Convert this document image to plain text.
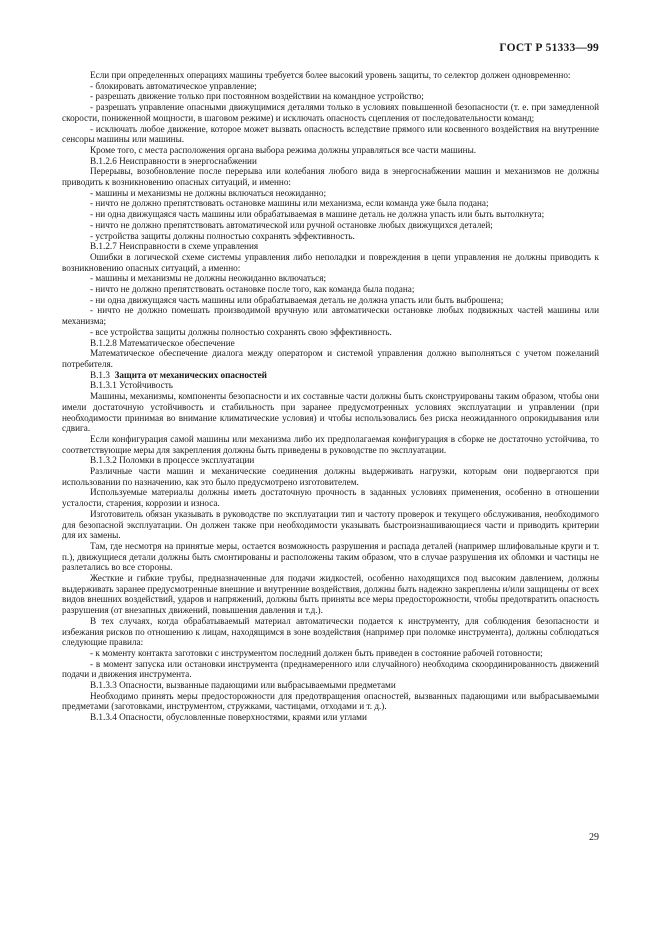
ГОСТ Р 51333—99

Если при определенных операциях машины требуется более высокий уровень защиты, то селектор должен одновременно:

- блокировать автоматическое управление;

- разрешать движение только при постоянном воздействии на командное устройство;

- разрешать управление опасными движущимися деталями только в условиях повышенной безопасности (т. е. при замедленной скорости, пониженной мощности, в шаговом режиме) и исключать опасность сцепления от последовательности команд;

- исключать любое движение, которое может вызвать опасность вследствие прямого или косвенного воздействия на внутренние сенсоры машины или машины.

Кроме того, с места расположения органа выбора режима должны управляться все части машины.

В.1.2.6 Неисправности в энергоснабжении

Перерывы, возобновление после перерыва или колебания любого вида в энергоснабжении машин и механизмов не должны приводить к возникновению опасных ситуаций, и именно:

- машины и механизмы не должны включаться неожиданно;

- ничто не должно препятствовать остановке машины или механизма, если команда уже была подана;

- ни одна движущаяся часть машины или обрабатываемая в машине деталь не должна упасть или быть вытолкнута;

- ничто не должно препятствовать автоматической или ручной остановке любых движущихся деталей;

- устройства защиты должны полностью сохранять эффективность.

В.1.2.7 Неисправности в схеме управления

Ошибки в логической схеме системы управления либо неполадки и повреждения в цепи управления не должны приводить к возникновению опасных ситуаций, а именно:

- машины и механизмы не должны неожиданно включаться;

- ничто не должно препятствовать остановке после того, как команда была подана;

- ни одна движущаяся часть машины или обрабатываемая деталь не должна упасть или быть выброшена;

- ничто не должно помешать производимой вручную или автоматически остановке любых подвижных частей машины или механизма;

- все устройства защиты должны полностью сохранять свою эффективность.

В.1.2.8 Математическое обеспечение

Математическое обеспечение диалога между оператором и системой управления должно выполняться с учетом пожеланий потребителя.

В.1.3 Защита от механических опасностей

В.1.3.1 Устойчивость

Машины, механизмы, компоненты безопасности и их составные части должны быть сконструированы таким образом, чтобы они имели достаточную устойчивость и стабильность при заранее предусмотренных условиях эксплуатации и управлении (при необходимости принимая во внимание климатические условия) и чтобы использовались без риска неожиданного опрокидывания или сдвига.

Если конфигурация самой машины или механизма либо их предполагаемая конфигурация в сборке не достаточно устойчива, то соответствующие меры для закрепления должны быть приведены в руководстве по эксплуатации.

В.1.3.2 Поломки в процессе эксплуатации

Различные части машин и механические соединения должны выдерживать нагрузки, которым они подвергаются при использовании по назначению, как это было предусмотрено изготовителем.

Используемые материалы должны иметь достаточную прочность в заданных условиях применения, особенно в отношении усталости, старения, коррозии и износа.

Изготовитель обязан указывать в руководстве по эксплуатации тип и частоту проверок и текущего обслуживания, необходимого для безопасной эксплуатации. Он должен также при необходимости указывать быстроизнашивающиеся части и приводить критерии для их замены.

Там, где несмотря на принятые меры, остается возможность разрушения и распада деталей (например шлифовальные круги и т. п.), движущиеся детали должны быть смонтированы и расположены таким образом, что в случае разрушения их обломки и частицы не разлетались во все стороны.

Жесткие и гибкие трубы, предназначенные для подачи жидкостей, особенно находящихся под высоким давлением, должны выдерживать заранее предусмотренные внешние и внутренние воздействия, должны быть надежно закреплены и/или защищены от всех видов внешних воздействий, ударов и напряжений, должны быть приняты все меры предосторожности, чтобы предотвратить опасность разрушения (от внезапных движений, повышения давления и т.д.).

В тех случаях, когда обрабатываемый материал автоматически подается к инструменту, для соблюдения безопасности и избежания рисков по отношению к лицам, находящимся в зоне воздействия (например при поломке инструмента), должны соблюдаться следующие правила:

- к моменту контакта заготовки с инструментом последний должен быть приведен в состояние рабочей готовности;

- в момент запуска или остановки инструмента (преднамеренного или случайного) необходима скоординированность движений подачи и движения инструмента.

В.1.3.3 Опасности, вызванные падающими или выбрасываемыми предметами

Необходимо принять меры предосторожности для предотвращения опасностей, вызванных падающими или выбрасываемыми предметами (заготовками, инструментом, стружками, частицами, отходами и т. д.).

В.1.3.4 Опасности, обусловленные поверхностями, краями или углами

29
